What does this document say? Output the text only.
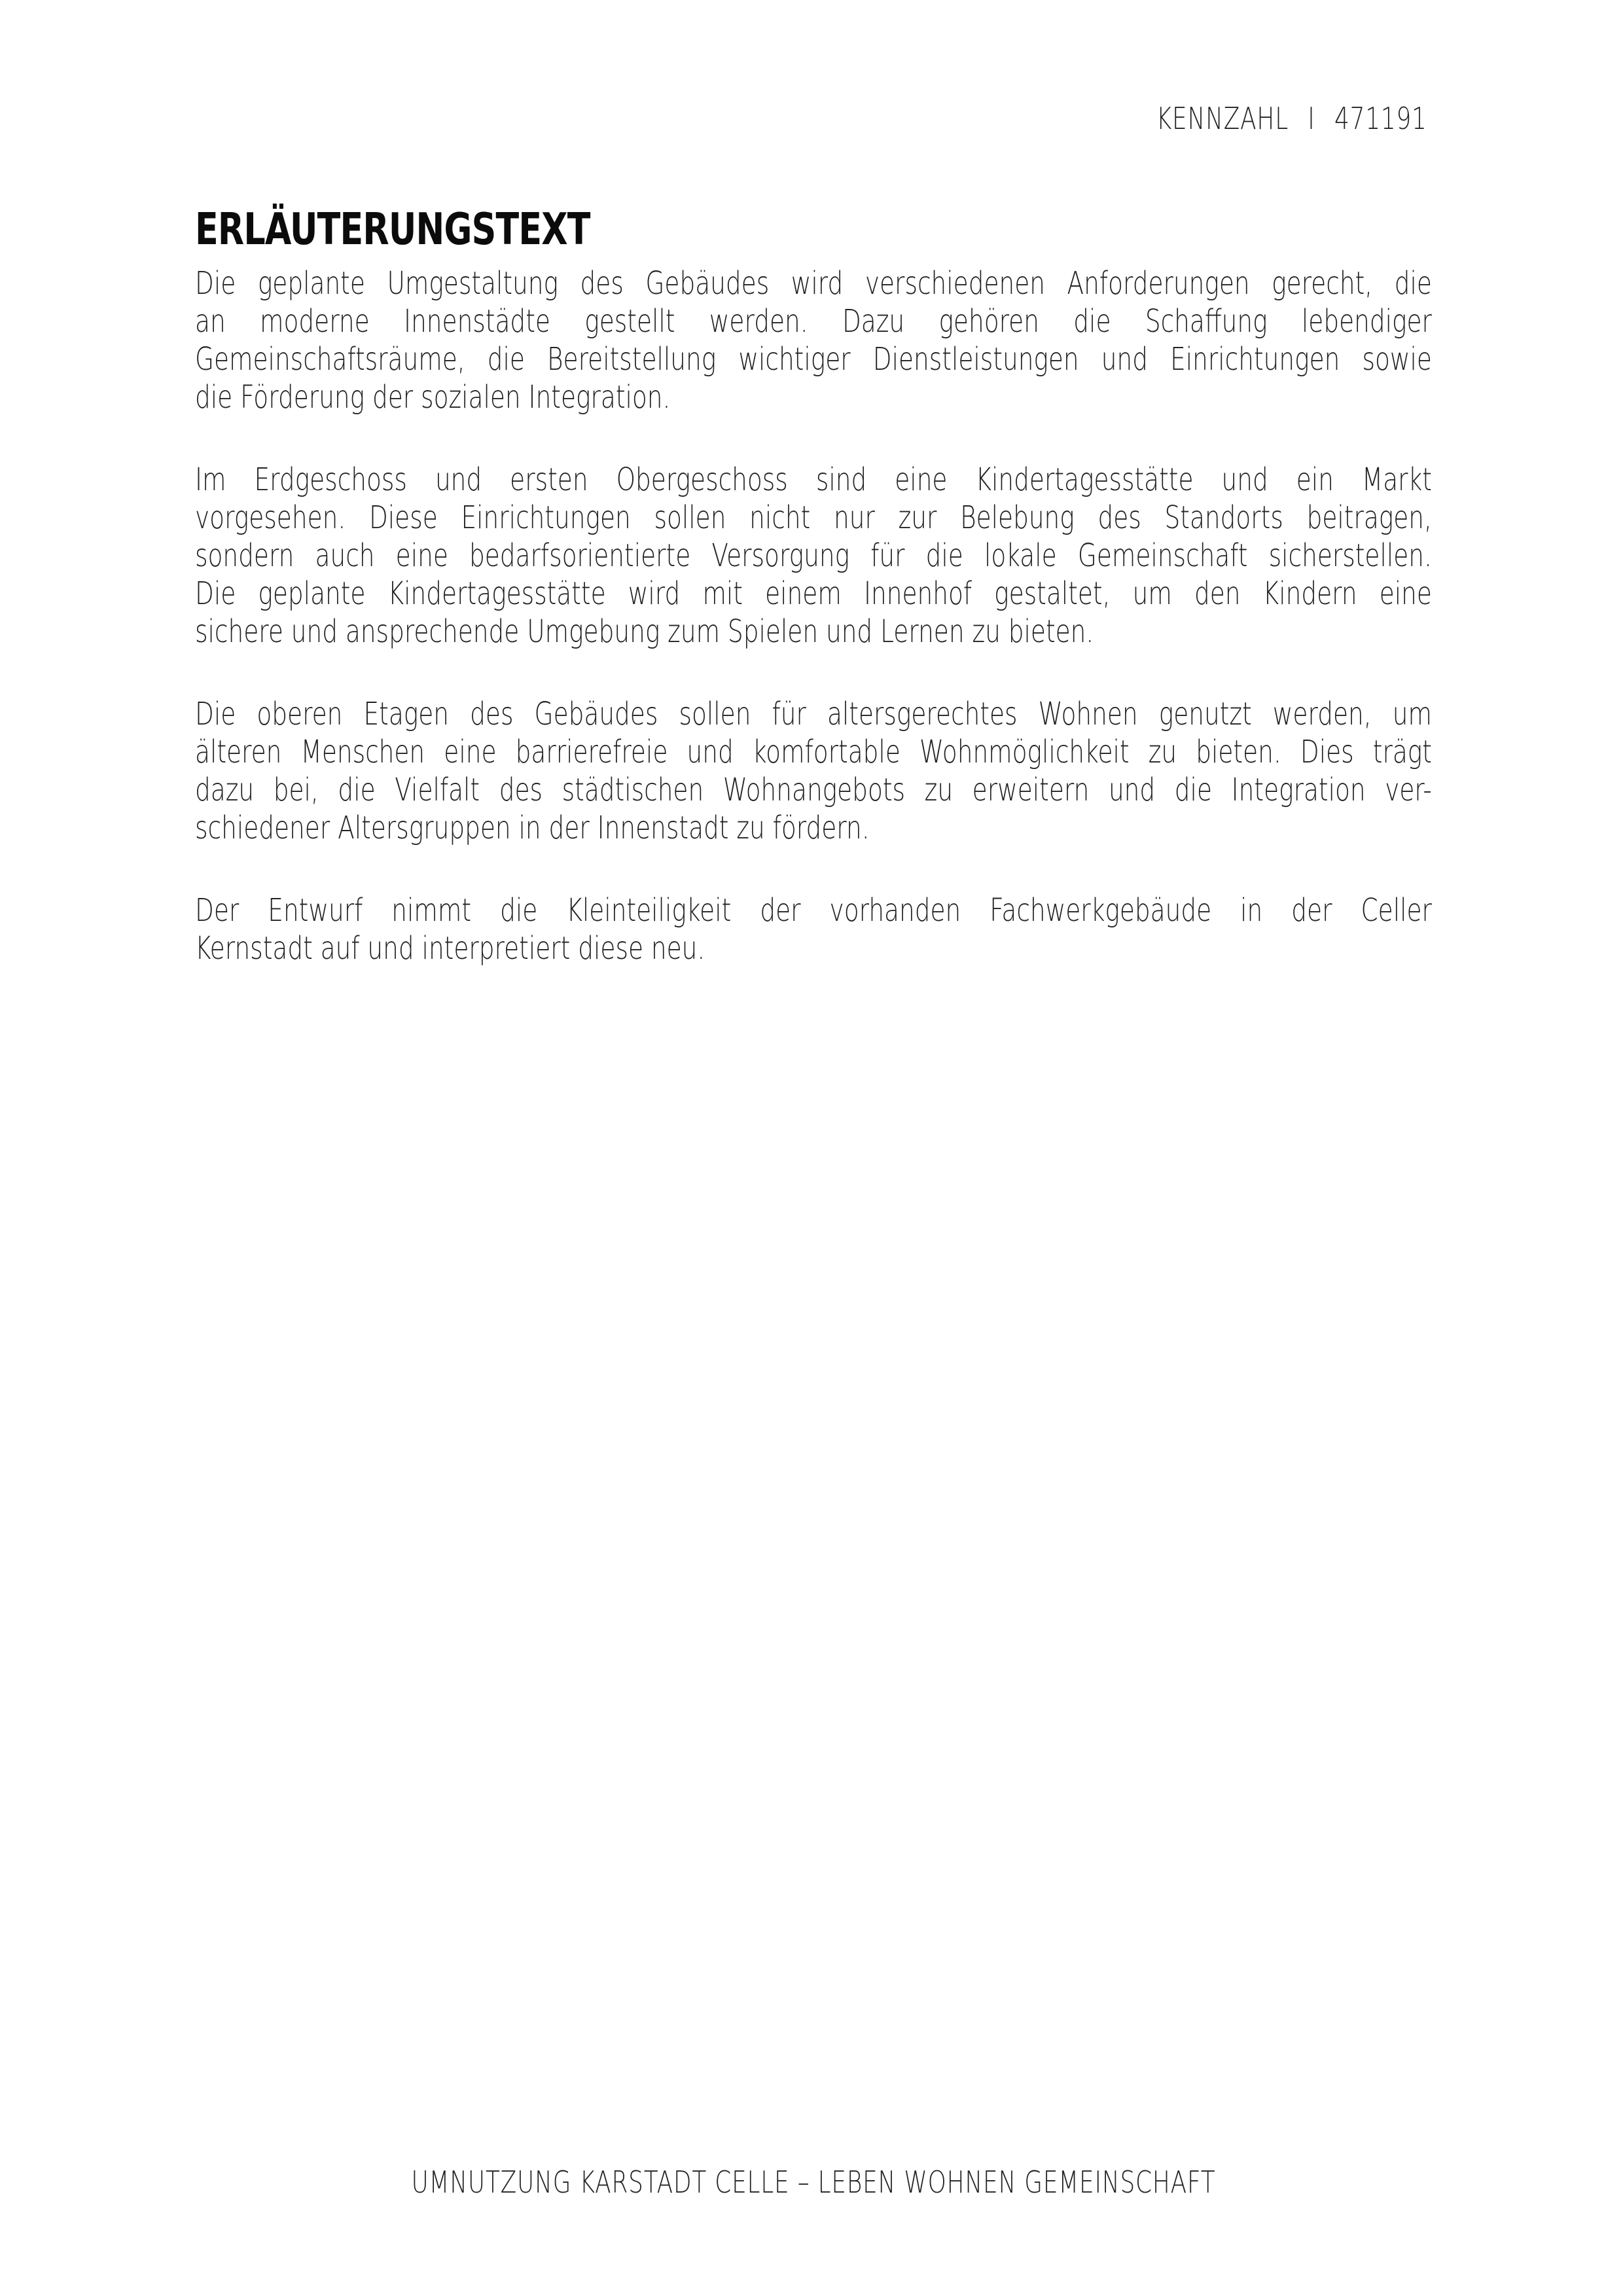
KENNZAHL I 471191
ERLÄUTERUNGSTEXT
Die geplante Umgestaltung des Gebäudes wird verschiedenen Anforderungen gerecht, die
an moderne Innenstädte gestellt werden. Dazu gehören die Schaffung lebendiger
Gemeinschaftsräume, die Bereitstellung wichtiger Dienstleistungen und Einrichtungen sowie
die Förderung der sozialen Integration.
Im Erdgeschoss und ersten Obergeschoss sind eine Kindertagesstätte und ein Markt
vorgesehen. Diese Einrichtungen sollen nicht nur zur Belebung des Standorts beitragen,
sondern auch eine bedarfsorientierte Versorgung für die lokale Gemeinschaft sicherstellen.
Die geplante Kindertagesstätte wird mit einem Innenhof gestaltet, um den Kindern eine
sichere und ansprechende Umgebung zum Spielen und Lernen zu bieten.
Die oberen Etagen des Gebäudes sollen für altersgerechtes Wohnen genutzt werden, um
älteren Menschen eine barrierefreie und komfortable Wohnmöglichkeit zu bieten. Dies trägt
dazu bei, die Vielfalt des städtischen Wohnangebots zu erweitern und die Integration ver-
schiedener Altersgruppen in der Innenstadt zu fördern.
Der Entwurf nimmt die Kleinteiligkeit der vorhanden Fachwerkgebäude in der Celler
Kernstadt auf und interpretiert diese neu.
UMNUTZUNG KARSTADT CELLE – LEBEN WOHNEN GEMEINSCHAFT
